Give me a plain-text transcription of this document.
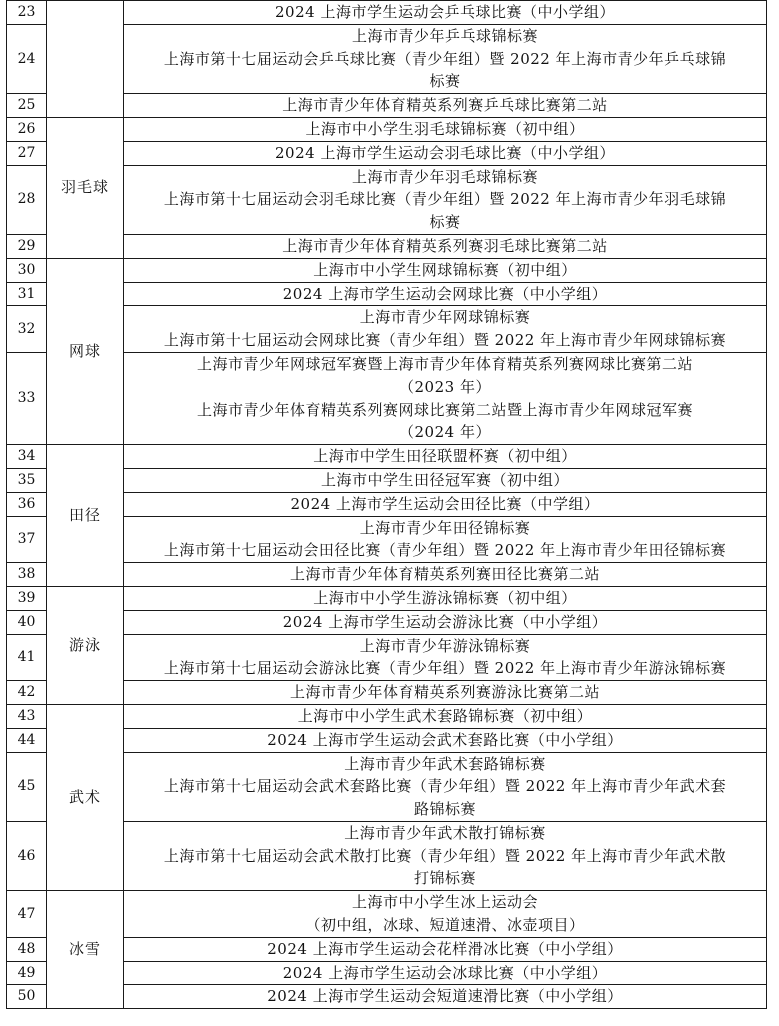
23		2024 上海市学生运动会乒乓球比赛（中小学组）

24		上海市青少年乒乓球锦标赛
上海市第十七届运动会乒乓球比赛（青少年组）暨 2022 年上海市青少年乒乓球锦
标赛

25		上海市青少年体育精英系列赛乒乓球比赛第二站

26	羽毛球	上海市中小学生羽毛球锦标赛（初中组）

27		2024 上海市学生运动会羽毛球比赛（中小学组）

28		上海市青少年羽毛球锦标赛
上海市第十七届运动会羽毛球比赛（青少年组）暨 2022 年上海市青少年羽毛球锦
标赛

29		上海市青少年体育精英系列赛羽毛球比赛第二站

30	网球	上海市中小学生网球锦标赛（初中组）

31		2024 上海市学生运动会网球比赛（中小学组）

32		上海市青少年网球锦标赛
上海市第十七届运动会网球比赛（青少年组）暨 2022 年上海市青少年网球锦标赛

33		上海市青少年网球冠军赛暨上海市青少年体育精英系列赛网球比赛第二站
（2023 年）
上海市青少年体育精英系列赛网球比赛第二站暨上海市青少年网球冠军赛
（2024 年）

34	田径	上海市中学生田径联盟杯赛（初中组）

35		上海市中学生田径冠军赛（初中组）

36		2024 上海市学生运动会田径比赛（中学组）

37		上海市青少年田径锦标赛
上海市第十七届运动会田径比赛（青少年组）暨 2022 年上海市青少年田径锦标赛

38		上海市青少年体育精英系列赛田径比赛第二站

39	游泳	上海市中小学生游泳锦标赛（初中组）

40		2024 上海市学生运动会游泳比赛（中小学组）

41		上海市青少年游泳锦标赛
上海市第十七届运动会游泳比赛（青少年组）暨 2022 年上海市青少年游泳锦标赛

42		上海市青少年体育精英系列赛游泳比赛第二站

43	武术	上海市中小学生武术套路锦标赛（初中组）

44		2024 上海市学生运动会武术套路比赛（中小学组）

45		上海市青少年武术套路锦标赛
上海市第十七届运动会武术套路比赛（青少年组）暨 2022 年上海市青少年武术套
路锦标赛

46		上海市青少年武术散打锦标赛
上海市第十七届运动会武术散打比赛（青少年组）暨 2022 年上海市青少年武术散
打锦标赛

47	冰雪	上海市中小学生冰上运动会
（初中组，冰球、短道速滑、冰壶项目）

48		2024 上海市学生运动会花样滑冰比赛（中小学组）

49		2024 上海市学生运动会冰球比赛（中小学组）

50		2024 上海市学生运动会短道速滑比赛（中小学组）
